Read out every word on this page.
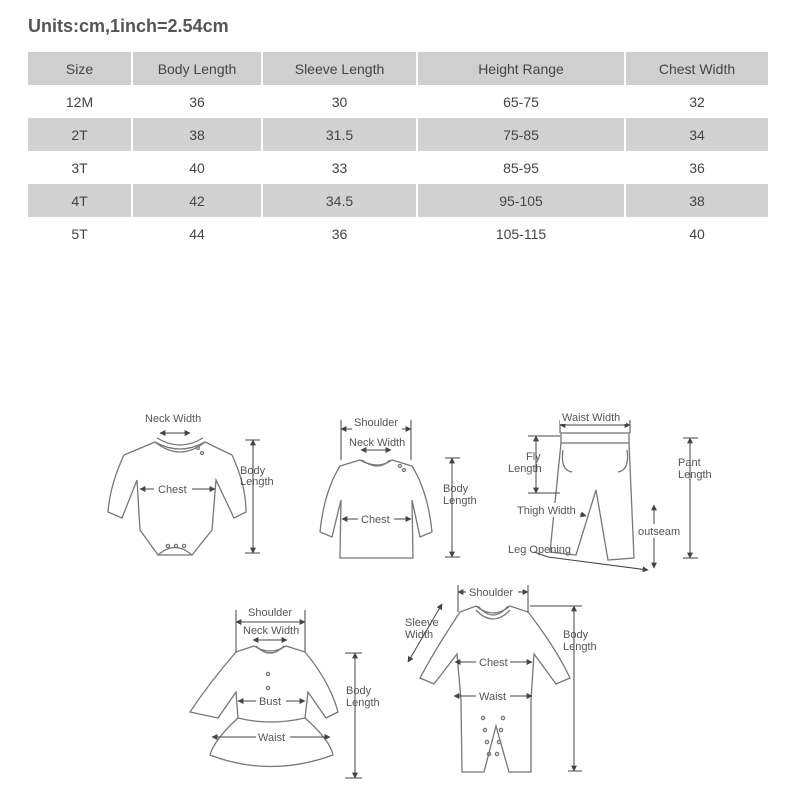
Units:cm,1inch=2.54cm
Size	Body Length	Sleeve Length	Height Range	Chest Width
12M	36	30	65-75	32
2T	38	31.5	75-85	34
3T	40	33	85-95	36
4T	42	34.5	95-105	38
5T	44	36	105-115	40
Neck Width
Chest
Body
Length
Shoulder
Neck Width
Chest
Body
Length
Waist Width
Fly
Length	Pant
Length
Thigh Width
outseam
Leg Opening
Shoulder
Neck Width
Bust
Waist
Body
Length
Shoulder
Sleeve
Width
Chest
Waist
Body
Length
